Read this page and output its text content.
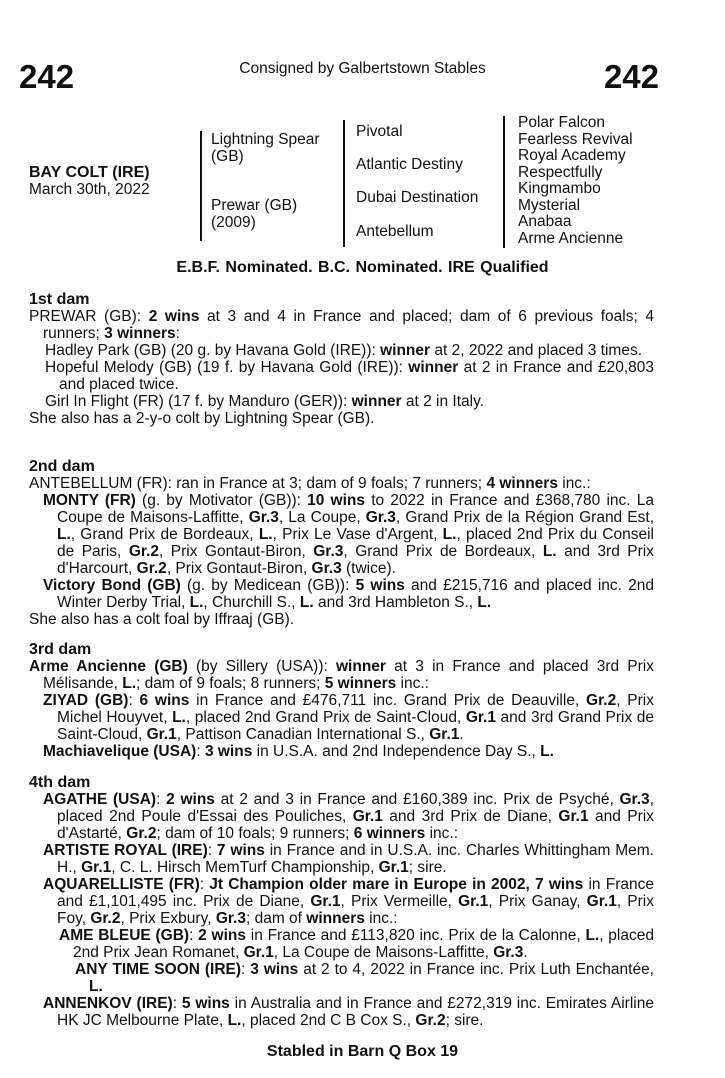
242	242
Consigned by Galbertstown Stables
BAY COLT (IRE)
March 30th, 2022
Lightning Spear
(GB)
Prewar (GB)
(2009)
Pivotal
Atlantic Destiny
Dubai Destination
Antebellum
Polar Falcon
Fearless Revival
Royal Academy
Respectfully
Kingmambo
Mysterial
Anabaa
Arme Ancienne
E.B.F. Nominated. B.C. Nominated. IRE Qualified
1st dam

PREWAR (GB): 2 wins at 3 and 4 in France and placed; dam of 6 previous foals; 4 runners; 3 winners:

Hadley Park (GB) (20 g. by Havana Gold (IRE)): winner at 2, 2022 and placed 3 times.

Hopeful Melody (GB) (19 f. by Havana Gold (IRE)): winner at 2 in France and £20,803 and placed twice.

Girl In Flight (FR) (17 f. by Manduro (GER)): winner at 2 in Italy.

She also has a 2-y-o colt by Lightning Spear (GB).

2nd dam

ANTEBELLUM (FR): ran in France at 3; dam of 9 foals; 7 runners; 4 winners inc.:

MONTY (FR) (g. by Motivator (GB)): 10 wins to 2022 in France and £368,780 inc. La Coupe de Maisons-Laffitte, Gr.3, La Coupe, Gr.3, Grand Prix de la Région Grand Est, L., Grand Prix de Bordeaux, L., Prix Le Vase d'Argent, L., placed 2nd Prix du Conseil de Paris, Gr.2, Prix Gontaut-Biron, Gr.3, Grand Prix de Bordeaux, L. and 3rd Prix d'Harcourt, Gr.2, Prix Gontaut-Biron, Gr.3 (twice).

Victory Bond (GB) (g. by Medicean (GB)): 5 wins and £215,716 and placed inc. 2nd Winter Derby Trial, L., Churchill S., L. and 3rd Hambleton S., L.

She also has a colt foal by Iffraaj (GB).

3rd dam

Arme Ancienne (GB) (by Sillery (USA)): winner at 3 in France and placed 3rd Prix Mélisande, L.; dam of 9 foals; 8 runners; 5 winners inc.:

ZIYAD (GB): 6 wins in France and £476,711 inc. Grand Prix de Deauville, Gr.2, Prix Michel Houyvet, L., placed 2nd Grand Prix de Saint-Cloud, Gr.1 and 3rd Grand Prix de Saint-Cloud, Gr.1, Pattison Canadian International S., Gr.1.

Machiavelique (USA): 3 wins in U.S.A. and 2nd Independence Day S., L.

4th dam

AGATHE (USA): 2 wins at 2 and 3 in France and £160,389 inc. Prix de Psyché, Gr.3, placed 2nd Poule d'Essai des Pouliches, Gr.1 and 3rd Prix de Diane, Gr.1 and Prix d'Astarté, Gr.2; dam of 10 foals; 9 runners; 6 winners inc.:

ARTISTE ROYAL (IRE): 7 wins in France and in U.S.A. inc. Charles Whittingham Mem. H., Gr.1, C. L. Hirsch MemTurf Championship, Gr.1; sire.

AQUARELLISTE (FR): Jt Champion older mare in Europe in 2002, 7 wins in France and £1,101,495 inc. Prix de Diane, Gr.1, Prix Vermeille, Gr.1, Prix Ganay, Gr.1, Prix Foy, Gr.2, Prix Exbury, Gr.3; dam of winners inc.:

AME BLEUE (GB): 2 wins in France and £113,820 inc. Prix de la Calonne, L., placed 2nd Prix Jean Romanet, Gr.1, La Coupe de Maisons-Laffitte, Gr.3.

ANY TIME SOON (IRE): 3 wins at 2 to 4, 2022 in France inc. Prix Luth Enchantée, L.

ANNENKOV (IRE): 5 wins in Australia and in France and £272,319 inc. Emirates Airline HK JC Melbourne Plate, L., placed 2nd C B Cox S., Gr.2; sire.

Stabled in Barn Q Box 19
